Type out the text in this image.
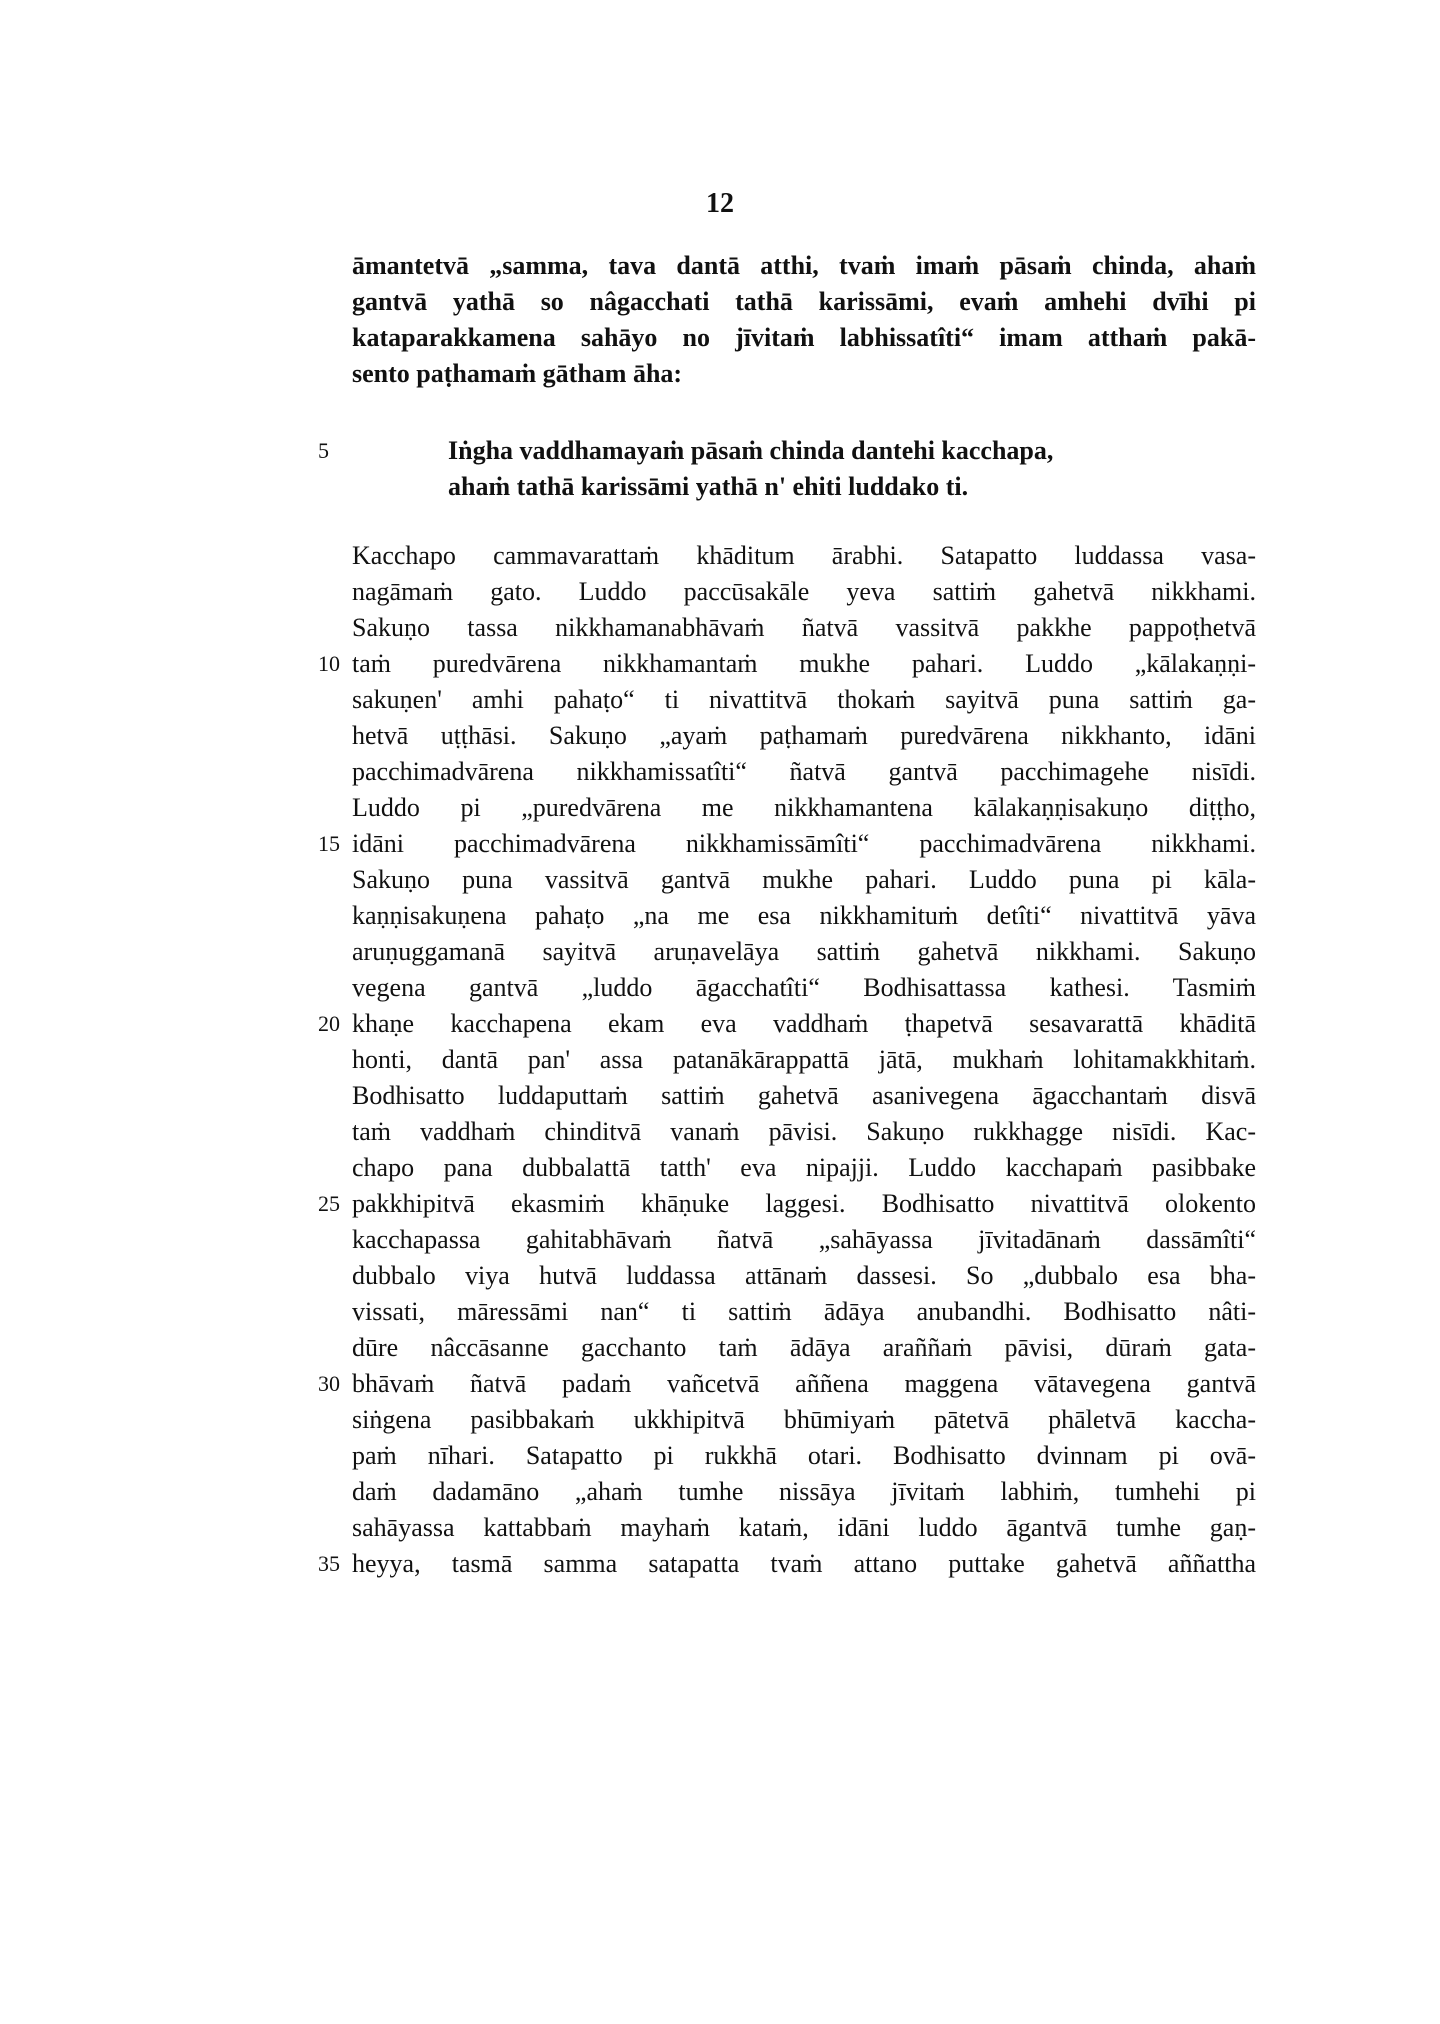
12
āmantetvā „samma, tava dantā atthi, tvaṁ imaṁ pāsaṁ chinda, ahaṁ
gantvā yathā so nâgacchati tathā karissāmi, evaṁ amhehi dvīhi pi
kataparakkamena sahāyo no jīvitaṁ labhissatîti“ imam atthaṁ pakā-
sento paṭhamaṁ gātham āha:
Iṅgha vaddhamayaṁ pāsaṁ chinda dantehi kacchapa,
ahaṁ tathā karissāmi yathā n' ehiti luddako ti.
Kacchapo cammavarattaṁ khāditum ārabhi. Satapatto luddassa vasa-
nagāmaṁ gato. Luddo paccūsakāle yeva sattiṁ gahetvā nikkhami.
Sakuṇo tassa nikkhamanabhāvaṁ ñatvā vassitvā pakkhe pappoṭhetvā
taṁ puredvārena nikkhamantaṁ mukhe pahari. Luddo „kālakaṇṇi-
sakuṇen' amhi pahaṭo“ ti nivattitvā thokaṁ sayitvā puna sattiṁ ga-
hetvā uṭṭhāsi. Sakuṇo „ayaṁ paṭhamaṁ puredvārena nikkhanto, idāni
pacchimadvārena nikkhamissatîti“ ñatvā gantvā pacchimagehe nisīdi.
Luddo pi „puredvārena me nikkhamantena kālakaṇṇisakuṇo diṭṭho,
idāni pacchimadvārena nikkhamissāmîti“ pacchimadvārena nikkhami.
Sakuṇo puna vassitvā gantvā mukhe pahari. Luddo puna pi kāla-
kaṇṇisakuṇena pahaṭo „na me esa nikkhamituṁ detîti“ nivattitvā yāva
aruṇuggamanā sayitvā aruṇavelāya sattiṁ gahetvā nikkhami. Sakuṇo
vegena gantvā „luddo āgacchatîti“ Bodhisattassa kathesi. Tasmiṁ
khaṇe kacchapena ekam eva vaddhaṁ ṭhapetvā sesavarattā khāditā
honti, dantā pan' assa patanākārappattā jātā, mukhaṁ lohitamakkhitaṁ.
Bodhisatto luddaputtaṁ sattiṁ gahetvā asanivegena āgacchantaṁ disvā
taṁ vaddhaṁ chinditvā vanaṁ pāvisi. Sakuṇo rukkhagge nisīdi. Kac-
chapo pana dubbalattā tatth' eva nipajji. Luddo kacchapaṁ pasibbake
pakkhipitvā ekasmiṁ khāṇuke laggesi. Bodhisatto nivattitvā olokento
kacchapassa gahitabhāvaṁ ñatvā „sahāyassa jīvitadānaṁ dassāmîti“
dubbalo viya hutvā luddassa attānaṁ dassesi. So „dubbalo esa bha-
vissati, māressāmi nan“ ti sattiṁ ādāya anubandhi. Bodhisatto nâti-
dūre nâccāsanne gacchanto taṁ ādāya araññaṁ pāvisi, dūraṁ gata-
bhāvaṁ ñatvā padaṁ vañcetvā aññena maggena vātavegena gantvā
siṅgena pasibbakaṁ ukkhipitvā bhūmiyaṁ pātetvā phāletvā kaccha-
paṁ nīhari. Satapatto pi rukkhā otari. Bodhisatto dvinnam pi ovā-
daṁ dadamāno „ahaṁ tumhe nissāya jīvitaṁ labhiṁ, tumhehi pi
sahāyassa kattabbaṁ mayhaṁ kataṁ, idāni luddo āgantvā tumhe gaṇ-
heyya, tasmā samma satapatta tvaṁ attano puttake gahetvā aññattha
5
10
15
20
25
30
35
